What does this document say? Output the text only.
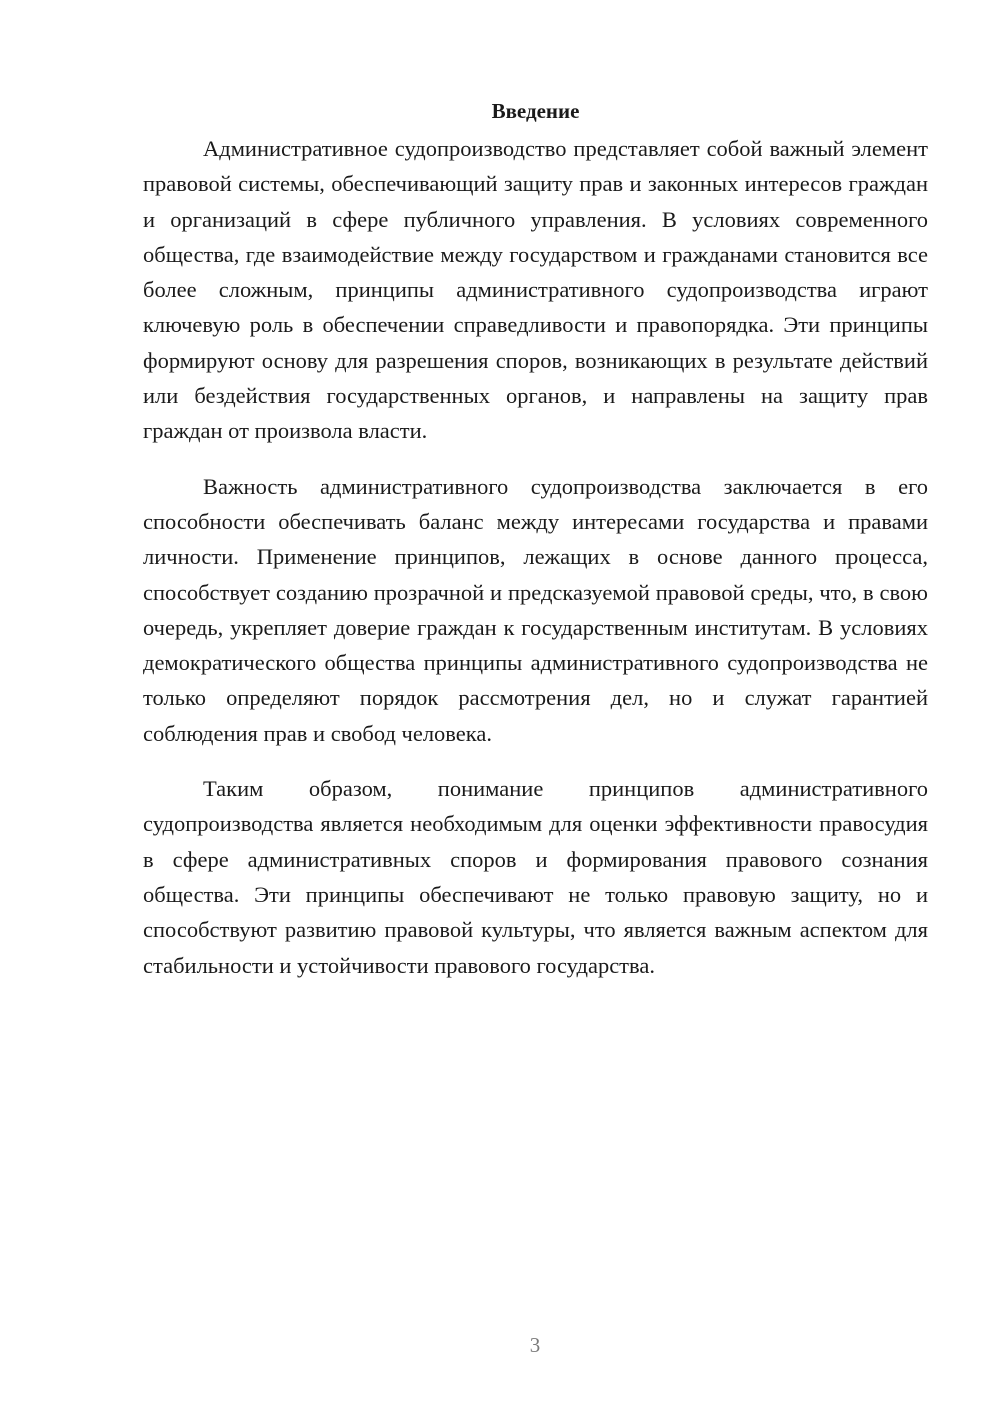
Введение

Административное судопроизводство представляет собой важный элемент правовой системы, обеспечивающий защиту прав и законных интересов граждан и организаций в сфере публичного управления. В условиях современного общества, где взаимодействие между государством и гражданами становится все более сложным, принципы административного судопроизводства играют ключевую роль в обеспечении справедливости и правопорядка. Эти принципы формируют основу для разрешения споров, возникающих в результате действий или бездействия государственных органов, и направлены на защиту прав граждан от произвола власти.

Важность административного судопроизводства заключается в его способности обеспечивать баланс между интересами государства и правами личности. Применение принципов, лежащих в основе данного процесса, способствует созданию прозрачной и предсказуемой правовой среды, что, в свою очередь, укрепляет доверие граждан к государственным институтам. В условиях демократического общества принципы административного судопроизводства не только определяют порядок рассмотрения дел, но и служат гарантией соблюдения прав и свобод человека.

Таким образом, понимание принципов административного судопроизводства является необходимым для оценки эффективности правосудия в сфере административных споров и формирования правового сознания общества. Эти принципы обеспечивают не только правовую защиту, но и способствуют развитию правовой культуры, что является важным аспектом для стабильности и устойчивости правового государства.

3
